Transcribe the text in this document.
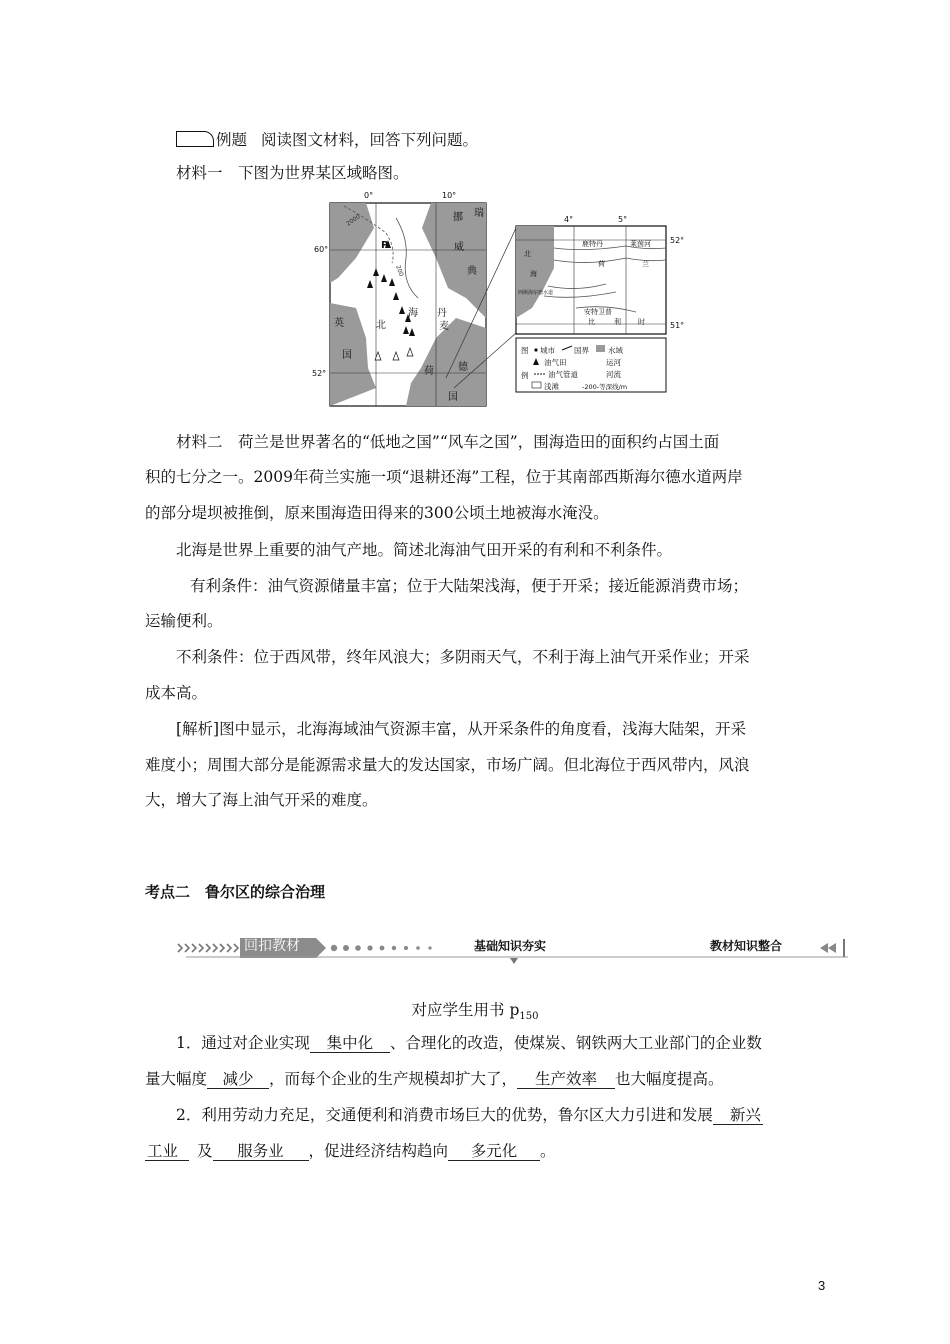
例题 阅读图文材料，回答下列问题。
材料一　下图为世界某区域略图。
0°	10°
60°
52°
2000
200
P
挪 瑞
威
典
北
海 丹
麦
英
国
荷 德
国
4°	5°
52°
51°
北
海
鹿特丹
荷
莱茵河
兰
西斯海尔德水道
安特卫普
比	利 时
图
例
城市	国界	水域
油气田	运河
油气管道	河流
浅滩	-200-等深线/m
材料二　荷兰是世界著名的“低地之国”“风车之国”，围海造田的面积约占国土面
积的七分之一。2009年荷兰实施一项“退耕还海”工程，位于其南部西斯海尔德水道两岸
的部分堤坝被推倒，原来围海造田得来的300公顷土地被海水淹没。
北海是世界上重要的油气产地。简述北海油气田开采的有利和不利条件。
有利条件：油气资源储量丰富；位于大陆架浅海，便于开采；接近能源消费市场；
运输便利。
不利条件：位于西风带，终年风浪大；多阴雨天气，不利于海上油气开采作业；开采
成本高。
[解析]图中显示，北海海域油气资源丰富，从开采条件的角度看，浅海大陆架，开采
难度小；周围大部分是能源需求量大的发达国家，市场广阔。但北海位于西风带内，风浪
大，增大了海上油气开采的难度。
考点二　鲁尔区的综合治理
回扣教材	基础知识夯实	教材知识整合
对应学生用书 $p_{150}$
1．通过对企业实现 集中化 、合理化的改造，使煤炭、钢铁两大工业部门的企业数
量大幅度 减少 ，而每个企业的生产规模却扩大了， 生产效率 也大幅度提高。
2．利用劳动力充足，交通便利和消费市场巨大的优势，鲁尔区大力引进和发展 新兴
工业 及 服务业 ，促进经济结构趋向 多元化 。
3
